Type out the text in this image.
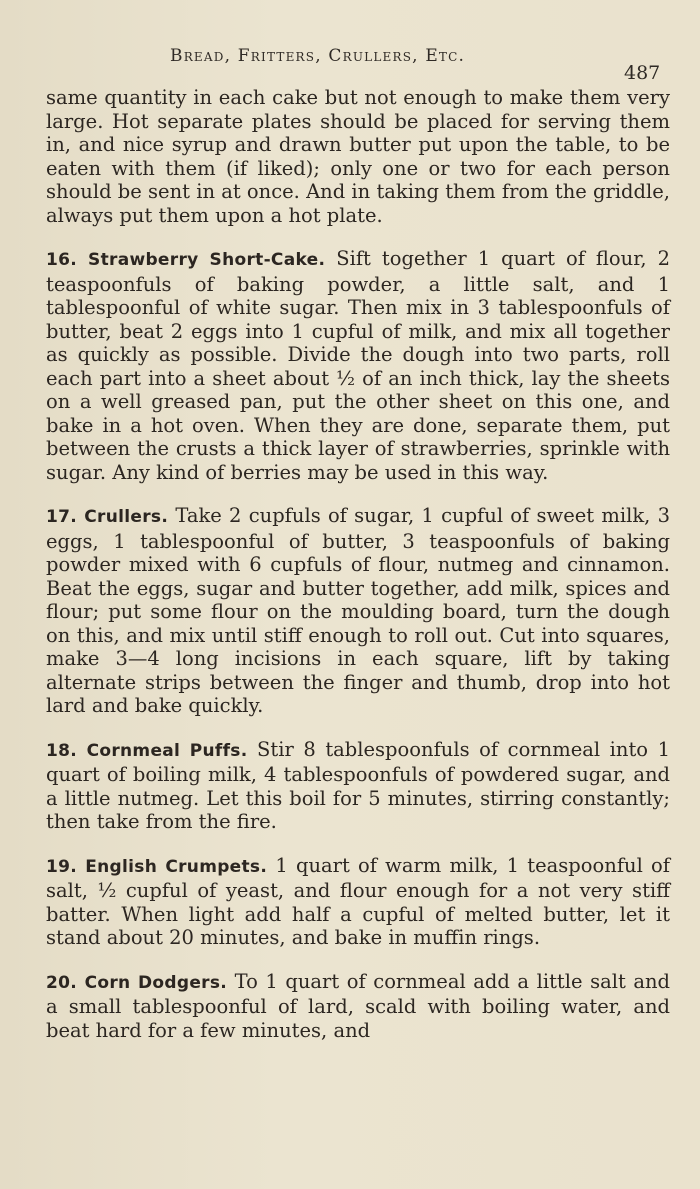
Bread, Fritters, Crullers, Etc.
487

same quantity in each cake but not enough to make them very large. Hot separate plates should be placed for serving them in, and nice syrup and drawn butter put upon the table, to be eaten with them (if liked); only one or two for each person should be sent in at once. And in taking them from the griddle, always put them upon a hot plate.

16. Strawberry Short-Cake. Sift together 1 quart of flour, 2 teaspoonfuls of baking powder, a little salt, and 1 tablespoonful of white sugar. Then mix in 3 tablespoonfuls of butter, beat 2 eggs into 1 cupful of milk, and mix all together as quickly as possible. Divide the dough into two parts, roll each part into a sheet about ½ of an inch thick, lay the sheets on a well greased pan, put the other sheet on this one, and bake in a hot oven. When they are done, separate them, put between the crusts a thick layer of strawberries, sprinkle with sugar. Any kind of berries may be used in this way.

17. Crullers. Take 2 cupfuls of sugar, 1 cupful of sweet milk, 3 eggs, 1 tablespoonful of butter, 3 teaspoonfuls of baking powder mixed with 6 cupfuls of flour, nutmeg and cinnamon. Beat the eggs, sugar and butter together, add milk, spices and flour; put some flour on the moulding board, turn the dough on this, and mix until stiff enough to roll out. Cut into squares, make 3—4 long incisions in each square, lift by taking alternate strips between the finger and thumb, drop into hot lard and bake quickly.

18. Cornmeal Puffs. Stir 8 tablespoonfuls of cornmeal into 1 quart of boiling milk, 4 tablespoonfuls of powdered sugar, and a little nutmeg. Let this boil for 5 minutes, stirring constantly; then take from the fire.

19. English Crumpets. 1 quart of warm milk, 1 teaspoonful of salt, ½ cupful of yeast, and flour enough for a not very stiff batter. When light add half a cupful of melted butter, let it stand about 20 minutes, and bake in muffin rings.

20. Corn Dodgers. To 1 quart of cornmeal add a little salt and a small tablespoonful of lard, scald with boiling water, and beat hard for a few minutes, and
